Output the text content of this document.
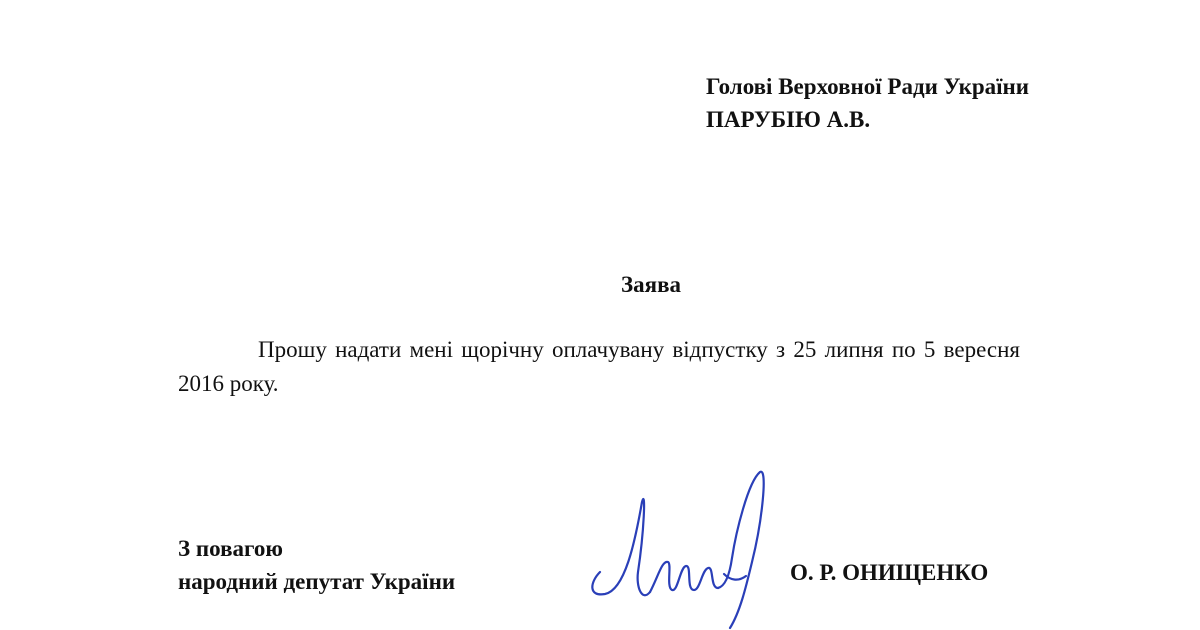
Голові Верховної Ради України
ПАРУБІЮ А.В.
Заява
Прошу надати мені щорічну оплачувану відпустку з 25 липня по 5 вересня 2016 року.
З повагою
народний депутат України	О. Р. ОНИЩЕНКО
